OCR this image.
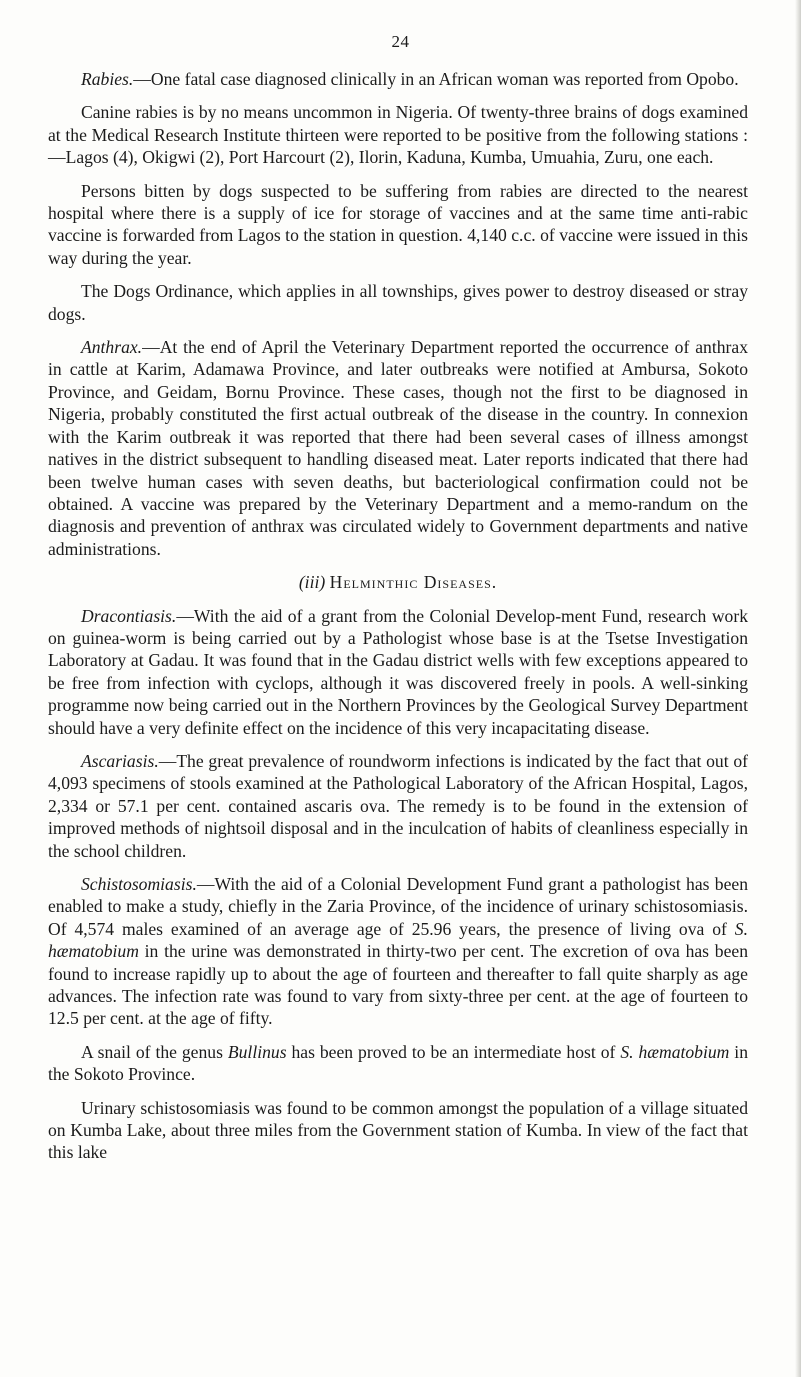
24

Rabies.—One fatal case diagnosed clinically in an African woman was reported from Opobo.

Canine rabies is by no means uncommon in Nigeria. Of twenty-three brains of dogs examined at the Medical Research Institute thirteen were reported to be positive from the following stations :—Lagos (4), Okigwi (2), Port Harcourt (2), Ilorin, Kaduna, Kumba, Umuahia, Zuru, one each.

Persons bitten by dogs suspected to be suffering from rabies are directed to the nearest hospital where there is a supply of ice for storage of vaccines and at the same time anti-rabic vaccine is forwarded from Lagos to the station in question. 4,140 c.c. of vaccine were issued in this way during the year.

The Dogs Ordinance, which applies in all townships, gives power to destroy diseased or stray dogs.

Anthrax.—At the end of April the Veterinary Department reported the occurrence of anthrax in cattle at Karim, Adamawa Province, and later outbreaks were notified at Ambursa, Sokoto Province, and Geidam, Bornu Province. These cases, though not the first to be diagnosed in Nigeria, probably constituted the first actual outbreak of the disease in the country. In connexion with the Karim outbreak it was reported that there had been several cases of illness amongst natives in the district subsequent to handling diseased meat. Later reports indicated that there had been twelve human cases with seven deaths, but bacteriological confirmation could not be obtained. A vaccine was prepared by the Veterinary Department and a memo-randum on the diagnosis and prevention of anthrax was circulated widely to Government departments and native administrations.

(iii) Helminthic Diseases.

Dracontiasis.—With the aid of a grant from the Colonial Develop-ment Fund, research work on guinea-worm is being carried out by a Pathologist whose base is at the Tsetse Investigation Laboratory at Gadau. It was found that in the Gadau district wells with few exceptions appeared to be free from infection with cyclops, although it was discovered freely in pools. A well-sinking programme now being carried out in the Northern Provinces by the Geological Survey Department should have a very definite effect on the incidence of this very incapacitating disease.

Ascariasis.—The great prevalence of roundworm infections is indicated by the fact that out of 4,093 specimens of stools examined at the Pathological Laboratory of the African Hospital, Lagos, 2,334 or 57.1 per cent. contained ascaris ova. The remedy is to be found in the extension of improved methods of nightsoil disposal and in the inculcation of habits of cleanliness especially in the school children.

Schistosomiasis.—With the aid of a Colonial Development Fund grant a pathologist has been enabled to make a study, chiefly in the Zaria Province, of the incidence of urinary schistosomiasis. Of 4,574 males examined of an average age of 25.96 years, the presence of living ova of S. hæmatobium in the urine was demonstrated in thirty-two per cent. The excretion of ova has been found to increase rapidly up to about the age of fourteen and thereafter to fall quite sharply as age advances. The infection rate was found to vary from sixty-three per cent. at the age of fourteen to 12.5 per cent. at the age of fifty.

A snail of the genus Bullinus has been proved to be an intermediate host of S. hæmatobium in the Sokoto Province.

Urinary schistosomiasis was found to be common amongst the population of a village situated on Kumba Lake, about three miles from the Government station of Kumba. In view of the fact that this lake
